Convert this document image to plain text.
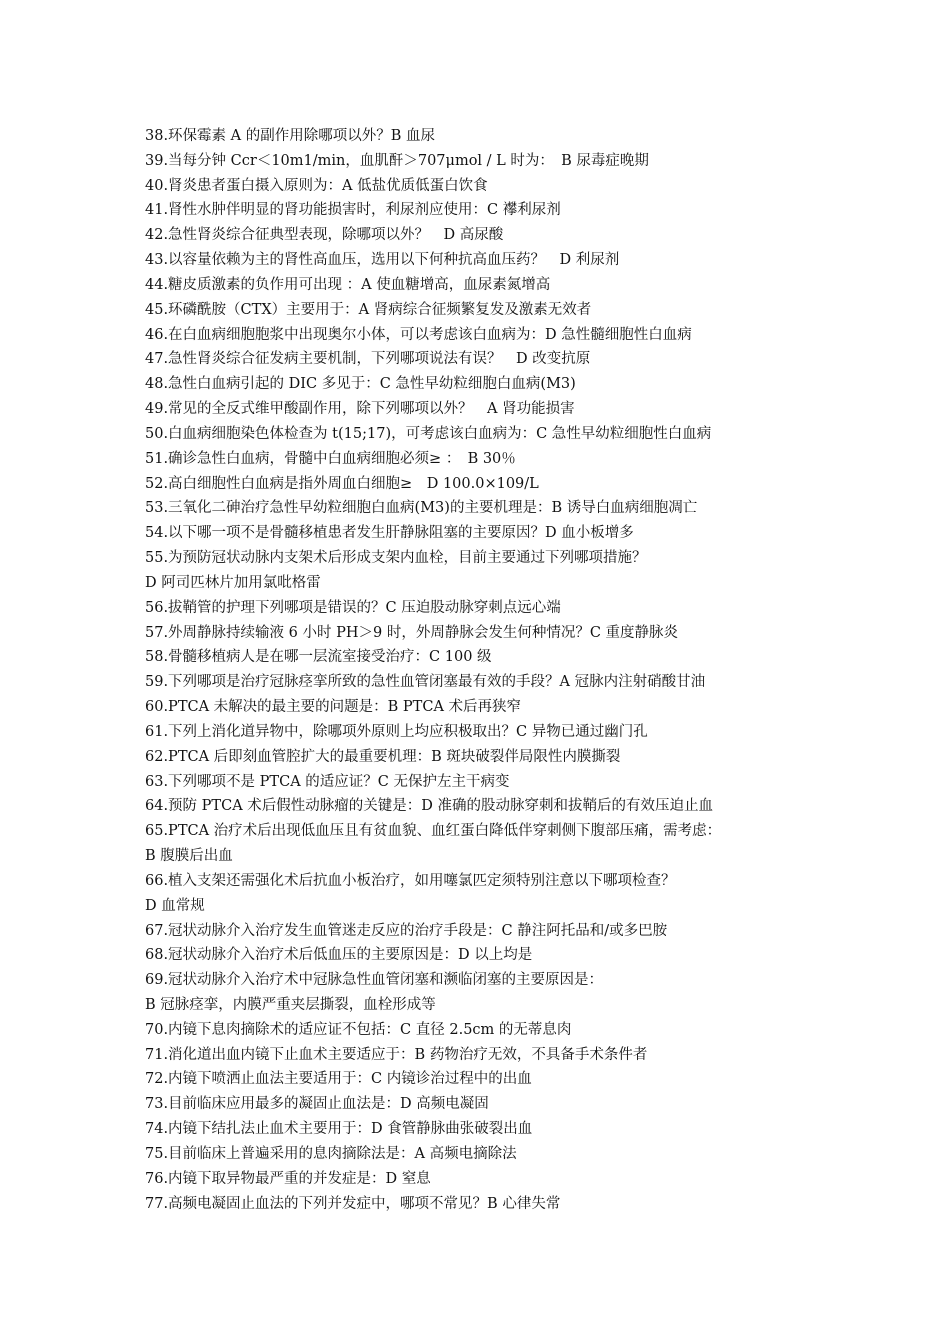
38.环保霉素 A 的副作用除哪项以外？B 血尿
39.当每分钟 Ccr＜10m1/min，血肌酐＞707μmol / L 时为：　B 尿毒症晚期
40.肾炎患者蛋白摄入原则为：A 低盐优质低蛋白饮食
41.肾性水肿伴明显的肾功能损害时，利尿剂应使用：C 襻利尿剂
42.急性肾炎综合征典型表现，除哪项以外？　D 高尿酸
43.以容量依赖为主的肾性高血压，选用以下何种抗高血压药？　D 利尿剂
44.糖皮质激素的负作用可出现 ：A 使血糖增高，血尿素氮增高
45.环磷酰胺（CTX）主要用于：A 肾病综合征频繁复发及激素无效者
46.在白血病细胞胞浆中出现奥尔小体，可以考虑该白血病为：D 急性髓细胞性白血病
47.急性肾炎综合征发病主要机制，下列哪项说法有误？　D 改变抗原
48.急性白血病引起的 DIC 多见于：C 急性早幼粒细胞白血病(M3)
49.常见的全反式维甲酸副作用，除下列哪项以外？　A 肾功能损害
50.白血病细胞染色体检查为 t(15;17)，可考虑该白血病为：C 急性早幼粒细胞性白血病
51.确诊急性白血病，骨髓中白血病细胞必须≥ ：　B 30％
52.高白细胞性白血病是指外周血白细胞≥　D 100.0×109/L
53.三氧化二砷治疗急性早幼粒细胞白血病(M3)的主要机理是：B 诱导白血病细胞凋亡
54.以下哪一项不是骨髓移植患者发生肝静脉阻塞的主要原因？D 血小板增多
55.为预防冠状动脉内支架术后形成支架内血栓，目前主要通过下列哪项措施？
D 阿司匹林片加用氯吡格雷
56.拔鞘管的护理下列哪项是错误的？C 压迫股动脉穿刺点远心端
57.外周静脉持续输液 6 小时 PH＞9 时，外周静脉会发生何种情况？C 重度静脉炎
58.骨髓移植病人是在哪一层流室接受治疗：C 100 级
59.下列哪项是治疗冠脉痉挛所致的急性血管闭塞最有效的手段？A 冠脉内注射硝酸甘油
60.PTCA 未解决的最主要的问题是：B PTCA 术后再狭窄
61.下列上消化道异物中，除哪项外原则上均应积极取出？C 异物已通过幽门孔
62.PTCA 后即刻血管腔扩大的最重要机理：B 斑块破裂伴局限性内膜撕裂
63.下列哪项不是 PTCA 的适应证？C 无保护左主干病变
64.预防 PTCA 术后假性动脉瘤的关键是：D 准确的股动脉穿刺和拔鞘后的有效压迫止血
65.PTCA 治疗术后出现低血压且有贫血貌、血红蛋白降低伴穿刺侧下腹部压痛，需考虑：
B 腹膜后出血
66.植入支架还需强化术后抗血小板治疗，如用噻氯匹定须特别注意以下哪项检查？
D 血常规
67.冠状动脉介入治疗发生血管迷走反应的治疗手段是：C 静注阿托品和/或多巴胺
68.冠状动脉介入治疗术后低血压的主要原因是：D 以上均是
69.冠状动脉介入治疗术中冠脉急性血管闭塞和濒临闭塞的主要原因是：
B 冠脉痉挛，内膜严重夹层撕裂，血栓形成等
70.内镜下息肉摘除术的适应证不包括：C 直径 2.5cm 的无蒂息肉
71.消化道出血内镜下止血术主要适应于：B 药物治疗无效，不具备手术条件者
72.内镜下喷洒止血法主要适用于：C 内镜诊治过程中的出血
73.目前临床应用最多的凝固止血法是：D 高频电凝固
74.内镜下结扎法止血术主要用于：D 食管静脉曲张破裂出血
75.目前临床上普遍采用的息肉摘除法是：A 高频电摘除法
76.内镜下取异物最严重的并发症是：D 窒息
77.高频电凝固止血法的下列并发症中，哪项不常见？B 心律失常
